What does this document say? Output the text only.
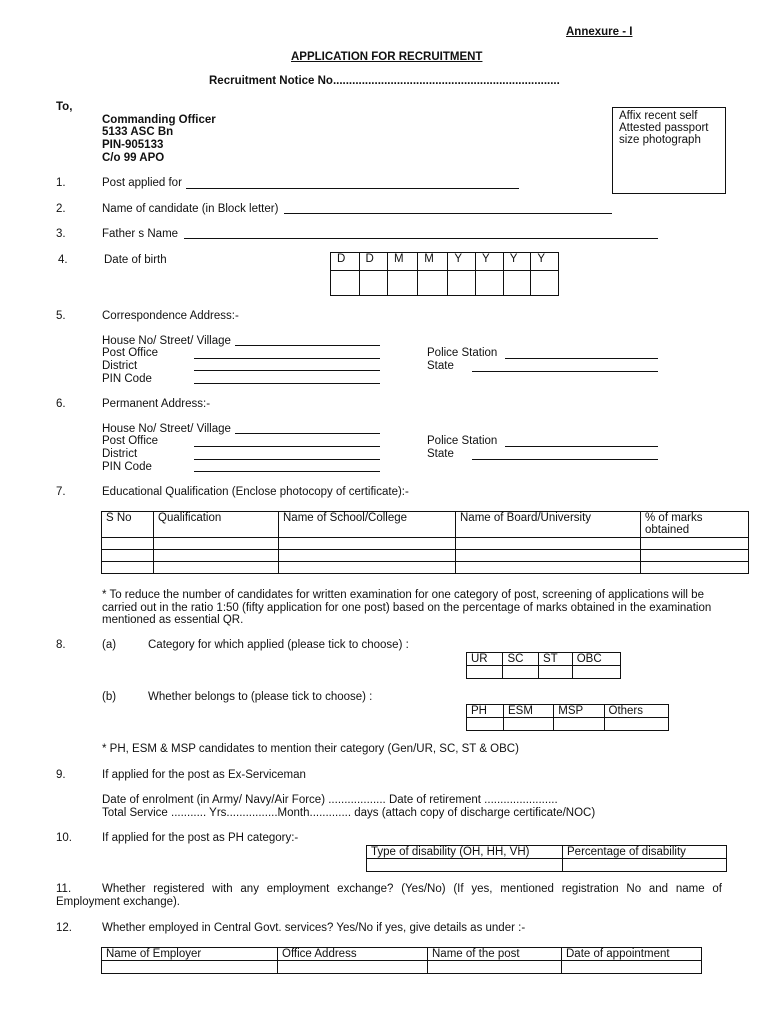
Annexure - I
APPLICATION FOR RECRUITMENT
Recruitment Notice No.......................................................................
To,
Commanding Officer
5133 ASC Bn
PIN-905133
C/o 99 APO
Affix recent self Attested passport size photograph
1.	Post applied for
2.	Name of candidate (in Block letter)
3.	Father s Name
4.	Date of birth	D	D	M	M	Y	Y	Y	Y

5.	Correspondence Address:-
House No/ Street/ Village
Post Office
District
PIN Code
Police Station
State
6.	Permanent Address:-
House No/ Street/ Village
Post Office
District
PIN Code
Police Station
State
7.	Educational Qualification (Enclose photocopy of certificate):-
S No	Qualification	Name of School/College	Name of Board/University	% of marks obtained

* To reduce the number of candidates for written examination for one category of post, screening of applications will be carried out in the ratio 1:50 (fifty application for one post) based on the percentage of marks obtained in the examination mentioned as essential QR.
8.	(a)	Category for which applied (please tick to choose) :
UR	SC	ST	OBC

(b)	Whether belongs to (please tick to choose) :
PH	ESM	MSP	Others

* PH, ESM & MSP candidates to mention their category (Gen/UR, SC, ST & OBC)
9.	If applied for the post as Ex-Serviceman
Date of enrolment (in Army/ Navy/Air Force) .................. Date of retirement .......................
Total Service ........... Yrs................Month............. days (attach copy of discharge certificate/NOC)
10.	If applied for the post as PH category:-
Type of disability (OH, HH, VH)	Percentage of disability

11.	Whether registered with any employment exchange? (Yes/No) (If yes, mentioned registration No and name of Employment exchange).
12.	Whether employed in Central Govt. services? Yes/No if yes, give details as under :-
Name of Employer	Office Address	Name of the post	Date of appointment
